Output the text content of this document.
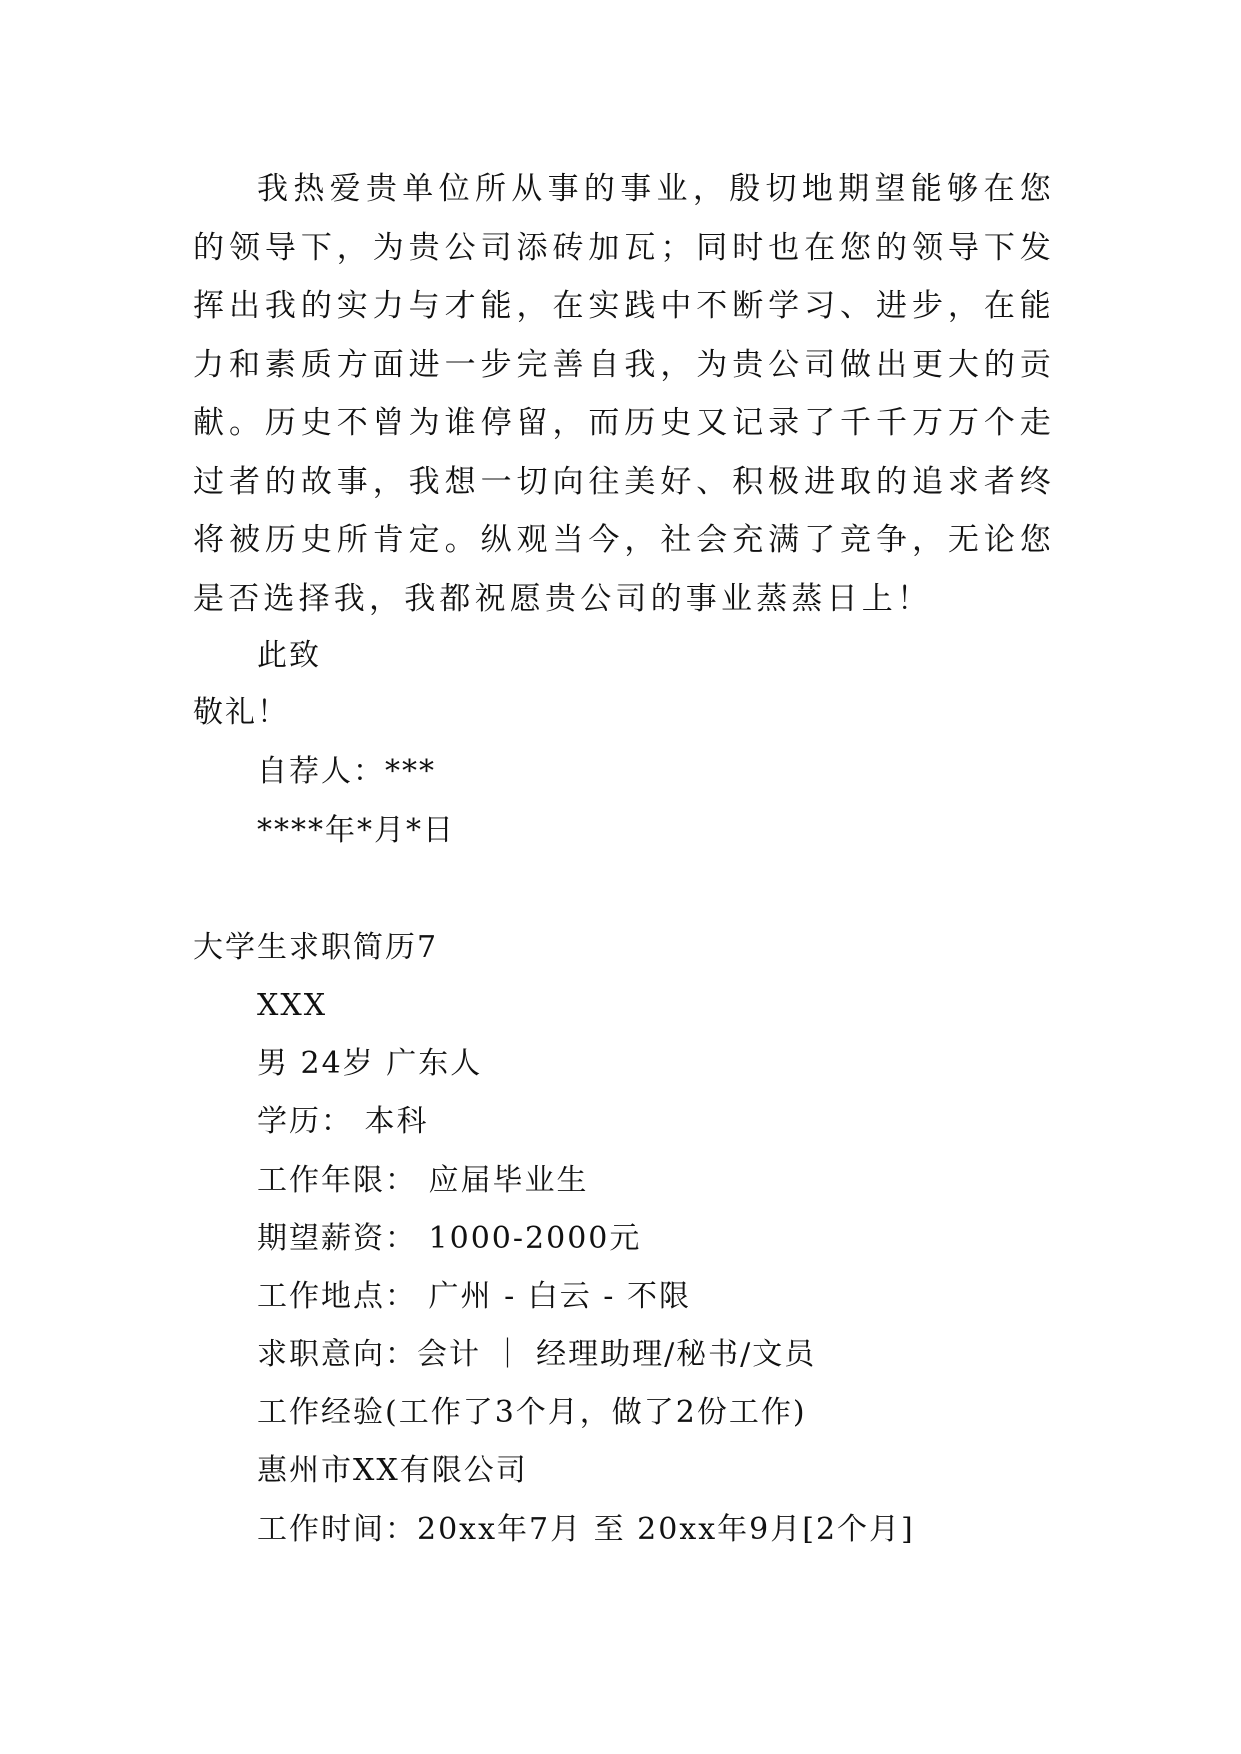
我热爱贵单位所从事的事业，殷切地期望能够在您的领导下，为贵公司添砖加瓦；同时也在您的领导下发挥出我的实力与才能，在实践中不断学习、进步，在能力和素质方面进一步完善自我，为贵公司做出更大的贡献。历史不曾为谁停留，而历史又记录了千千万万个走过者的故事，我想一切向往美好、积极进取的追求者终将被历史所肯定。纵观当今，社会充满了竞争，无论您是否选择我，我都祝愿贵公司的事业蒸蒸日上！

此致
敬礼！
自荐人：***
****年*月*日
大学生求职简历7
XXX
男 24岁 广东人
学历： 本科
工作年限： 应届毕业生
期望薪资： 1000-2000元
工作地点： 广州 - 白云 - 不限
求职意向：会计 ｜ 经理助理/秘书/文员
工作经验(工作了3个月，做了2份工作)
惠州市XX有限公司
工作时间：20xx年7月 至 20xx年9月[2个月]
